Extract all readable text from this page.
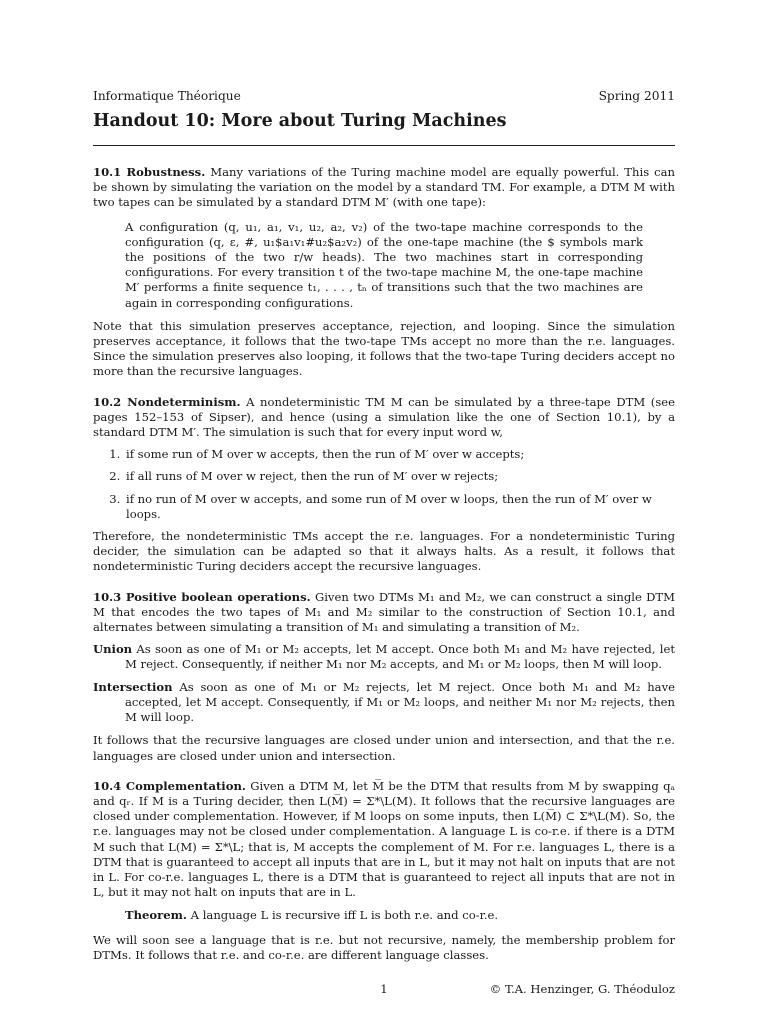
Informatique Théorique	Spring 2011
Handout 10: More about Turing Machines

10.1 Robustness. Many variations of the Turing machine model are equally powerful. This can be shown by simulating the variation on the model by a standard TM. For example, a DTM M with two tapes can be simulated by a standard DTM M′ (with one tape):

A configuration (q, u₁, a₁, v₁, u₂, a₂, v₂) of the two-tape machine corresponds to the configuration (q, ε, #, u₁$a₁v₁#u₂$a₂v₂) of the one-tape machine (the $ symbols mark the positions of the two r/w heads). The two machines start in corresponding configurations. For every transition t of the two-tape machine M, the one-tape machine M′ performs a finite sequence t₁, . . . , tₙ of transitions such that the two machines are again in corresponding configurations.

Note that this simulation preserves acceptance, rejection, and looping. Since the simulation preserves acceptance, it follows that the two-tape TMs accept no more than the r.e. languages. Since the simulation preserves also looping, it follows that the two-tape Turing deciders accept no more than the recursive languages.

10.2 Nondeterminism. A nondeterministic TM M can be simulated by a three-tape DTM (see pages 152–153 of Sipser), and hence (using a simulation like the one of Section 10.1), by a standard DTM M′. The simulation is such that for every input word w,

1. if some run of M over w accepts, then the run of M′ over w accepts;
2. if all runs of M over w reject, then the run of M′ over w rejects;
3. if no run of M over w accepts, and some run of M over w loops, then the run of M′ over w loops.

Therefore, the nondeterministic TMs accept the r.e. languages. For a nondeterministic Turing decider, the simulation can be adapted so that it always halts. As a result, it follows that nondeterministic Turing deciders accept the recursive languages.

10.3 Positive boolean operations. Given two DTMs M₁ and M₂, we can construct a single DTM M that encodes the two tapes of M₁ and M₂ similar to the construction of Section 10.1, and alternates between simulating a transition of M₁ and simulating a transition of M₂.

Union As soon as one of M₁ or M₂ accepts, let M accept. Once both M₁ and M₂ have rejected, let M reject. Consequently, if neither M₁ nor M₂ accepts, and M₁ or M₂ loops, then M will loop.
Intersection As soon as one of M₁ or M₂ rejects, let M reject. Once both M₁ and M₂ have accepted, let M accept. Consequently, if M₁ or M₂ loops, and neither M₁ nor M₂ rejects, then M will loop.

It follows that the recursive languages are closed under union and intersection, and that the r.e. languages are closed under union and intersection.

10.4 Complementation. Given a DTM M, let M̅ be the DTM that results from M by swapping qₐ and qᵣ. If M is a Turing decider, then L(M̅) = Σ*\L(M). It follows that the recursive languages are closed under complementation. However, if M loops on some inputs, then L(M̅) ⊂ Σ*\L(M). So, the r.e. languages may not be closed under complementation. A language L is co-r.e. if there is a DTM M such that L(M) = Σ*\L; that is, M accepts the complement of M. For r.e. languages L, there is a DTM that is guaranteed to accept all inputs that are in L, but it may not halt on inputs that are not in L. For co-r.e. languages L, there is a DTM that is guaranteed to reject all inputs that are not in L, but it may not halt on inputs that are in L.

Theorem. A language L is recursive iff L is both r.e. and co-r.e.

We will soon see a language that is r.e. but not recursive, namely, the membership problem for DTMs. It follows that r.e. and co-r.e. are different language classes.

1	© T.A. Henzinger, G. Théoduloz
